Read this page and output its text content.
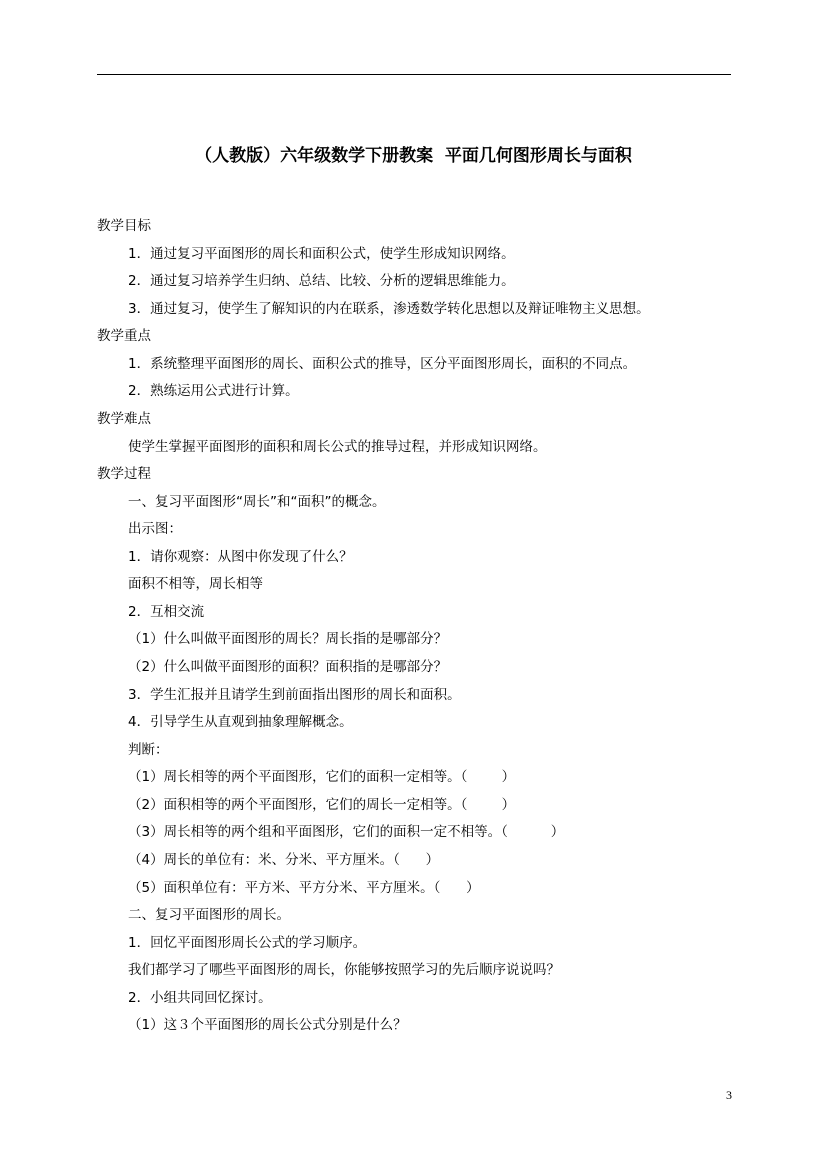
（人教版）六年级数学下册教案  平面几何图形周长与面积
教学目标
1．通过复习平面图形的周长和面积公式，使学生形成知识网络。
2．通过复习培养学生归纳、总结、比较、分析的逻辑思维能力。
3．通过复习，使学生了解知识的内在联系，渗透数学转化思想以及辩证唯物主义思想。
教学重点
1．系统整理平面图形的周长、面积公式的推导，区分平面图形周长，面积的不同点。
2．熟练运用公式进行计算。
教学难点
使学生掌握平面图形的面积和周长公式的推导过程，并形成知识网络。
教学过程
一、复习平面图形“周长”和“面积”的概念。
出示图：
1．请你观察：从图中你发现了什么？
面积不相等，周长相等
2．互相交流
（1）什么叫做平面图形的周长？周长指的是哪部分？
（2）什么叫做平面图形的面积？面积指的是哪部分？
3．学生汇报并且请学生到前面指出图形的周长和面积。
4．引导学生从直观到抽象理解概念。
判断：
（1）周长相等的两个平面图形，它们的面积一定相等。（        ）
（2）面积相等的两个平面图形，它们的周长一定相等。（        ）
（3）周长相等的两个组和平面图形，它们的面积一定不相等。（          ）
（4）周长的单位有：米、分米、平方厘米。（      ）
（5）面积单位有：平方米、平方分米、平方厘米。（      ）
二、复习平面图形的周长。
1．回忆平面图形周长公式的学习顺序。
我们都学习了哪些平面图形的周长，你能够按照学习的先后顺序说说吗？
2．小组共同回忆探讨。
（1）这３个平面图形的周长公式分别是什么？
3
